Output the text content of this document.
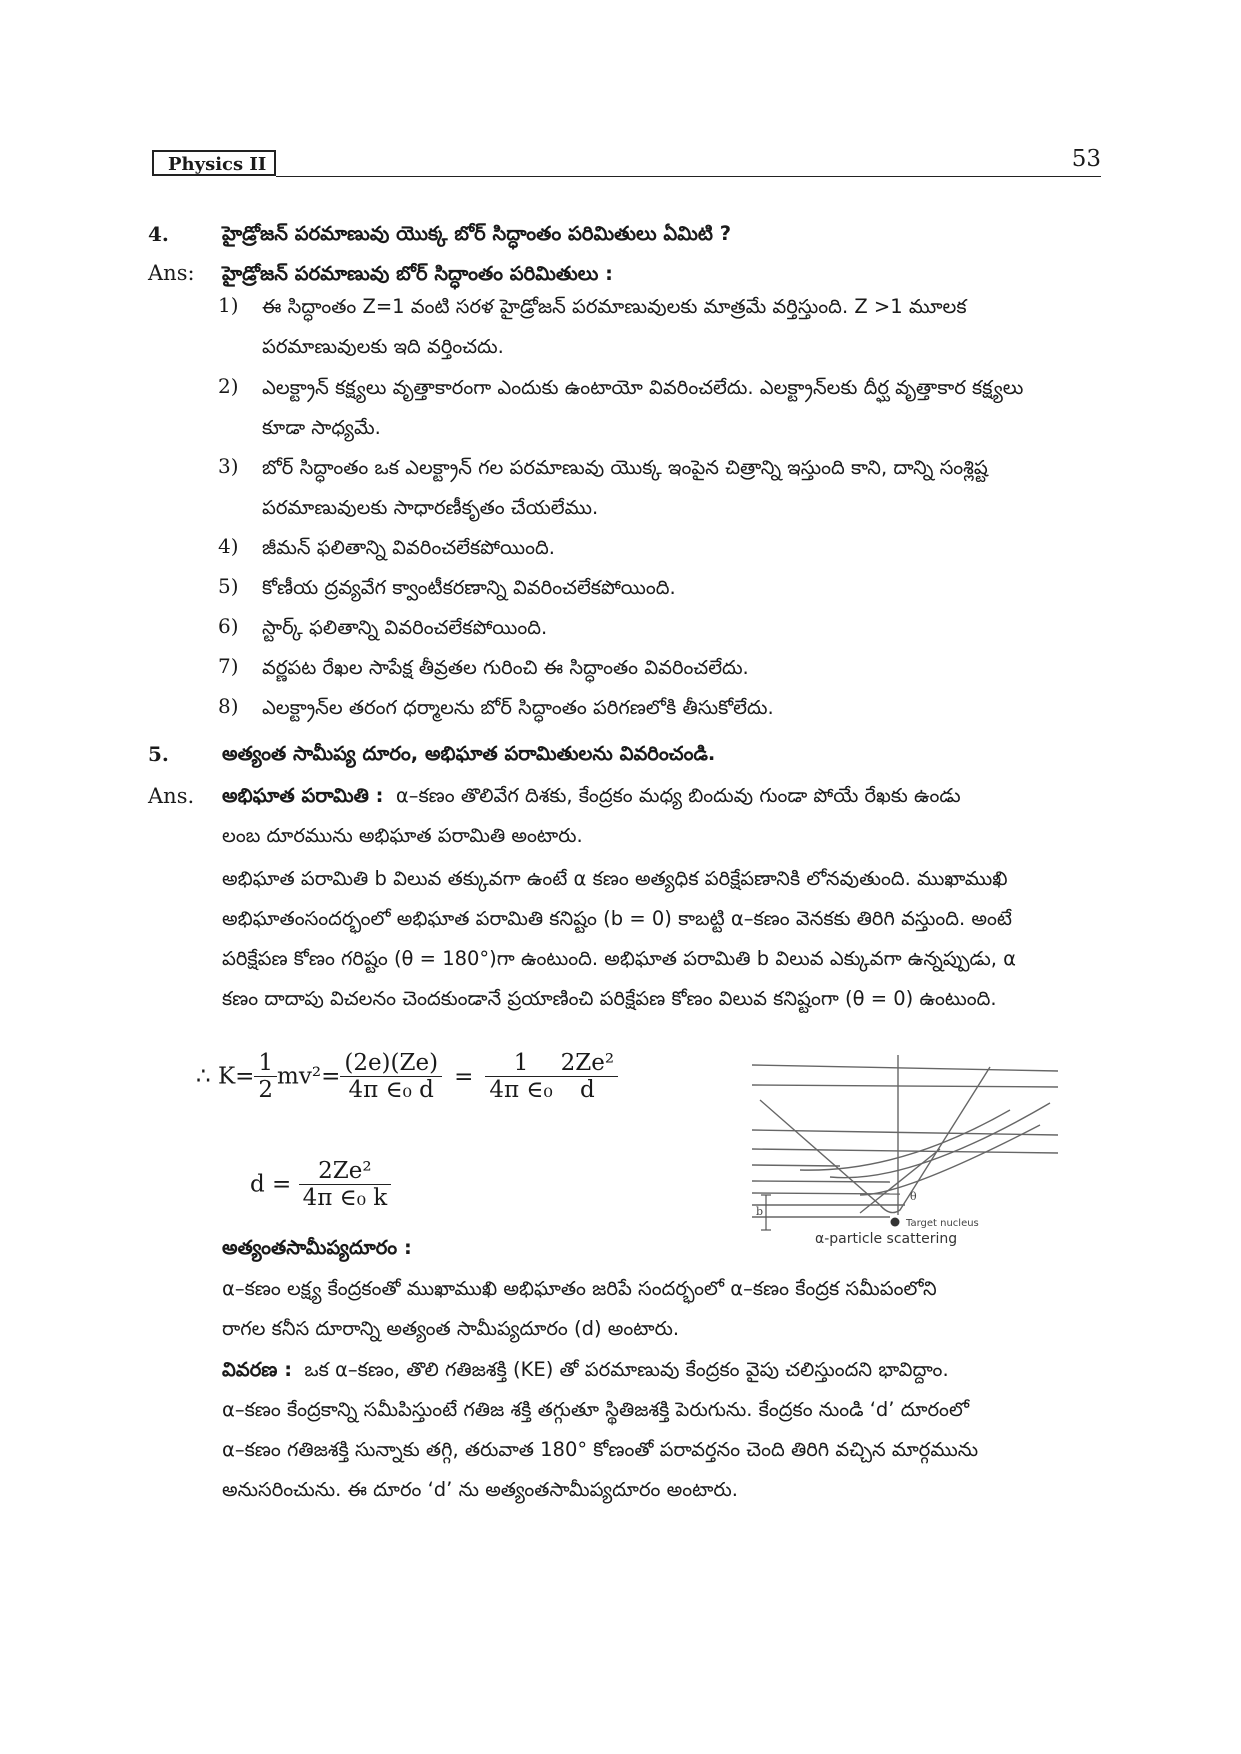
Physics II	53
4.	హైడ్రోజన్ పరమాణువు యొక్క బోర్ సిద్ధాంతం పరిమితులు ఏమిటి ?
Ans: హైడ్రోజన్ పరమాణువు బోర్ సిద్ధాంతం పరిమితులు :
1) ఈ సిద్ధాంతం Z=1 వంటి సరళ హైడ్రోజన్ పరమాణువులకు మాత్రమే వర్తిస్తుంది. Z >1 మూలక
పరమాణువులకు ఇది వర్తించదు.
2) ఎలక్ట్రాన్ కక్ష్యలు వృత్తాకారంగా ఎందుకు ఉంటాయో వివరించలేదు. ఎలక్ట్రాన్‌లకు దీర్ఘ వృత్తాకార కక్ష్యలు
కూడా సాధ్యమే.
3) బోర్ సిద్ధాంతం ఒక ఎలక్ట్రాన్ గల పరమాణువు యొక్క ఇంపైన చిత్రాన్ని ఇస్తుంది కాని, దాన్ని సంశ్లిష్ట
పరమాణువులకు సాధారణీకృతం చేయలేము.
4) జీమన్ ఫలితాన్ని వివరించలేకపోయింది.
5) కోణీయ ద్రవ్యవేగ క్వాంటీకరణాన్ని వివరించలేకపోయింది.
6) స్టార్క్ ఫలితాన్ని వివరించలేకపోయింది.
7) వర్ణపట రేఖల సాపేక్ష తీవ్రతల గురించి ఈ సిద్ధాంతం వివరించలేదు.
8) ఎలక్ట్రాన్‌ల తరంగ ధర్మాలను బోర్ సిద్ధాంతం పరిగణలోకి తీసుకోలేదు.
5.	అత్యంత సామీప్య దూరం, అభిఘాత పరామితులను వివరించండి.
Ans. అభిఘాత పరామితి : α–కణం తొలివేగ దిశకు, కేంద్రకం మధ్య బిందువు గుండా పోయే రేఖకు ఉండు
లంబ దూరమును అభిఘాత పరామితి అంటారు.
అభిఘాత పరామితి b విలువ తక్కువగా ఉంటే α కణం అత్యధిక పరిక్షేపణానికి లోనవుతుంది. ముఖాముఖి
అభిఘాతంసందర్భంలో అభిఘాత పరామితి కనిష్టం (b = 0) కాబట్టి α–కణం వెనకకు తిరిగి వస్తుంది. అంటే
పరిక్షేపణ కోణం గరిష్టం (θ = 180°)గా ఉంటుంది. అభిఘాత పరామితి b విలువ ఎక్కువగా ఉన్నప్పుడు, α
కణం దాదాపు విచలనం చెందకుండానే ప్రయాణించి పరిక్షేపణ కోణం విలువ కనిష్టంగా (θ = 0) ఉంటుంది.
∴ $K= \frac{1}{2} mv^2= \frac{(2e)(Ze)}{\text{4π ∈₀ d}} = \frac{1}{\text{4π ∈₀}} \frac{\text{2Ze²}}{d}$
$d = \frac{\text{2Ze²}}{\text{4π ∈₀ k}}$
b
θ
Target nucleus
α-particle scattering
అత్యంతసామీప్యదూరం :
α–కణం లక్ష్య కేంద్రకంతో ముఖాముఖి అభిఘాతం జరిపే సందర్భంలో α–కణం కేంద్రక సమీపంలోని
రాగల కనీస దూరాన్ని అత్యంత సామీప్యదూరం (d) అంటారు.
వివరణ : ఒక α–కణం, తొలి గతిజశక్తి (KE) తో పరమాణువు కేంద్రకం వైపు చలిస్తుందని భావిద్దాం.
α–కణం కేంద్రకాన్ని సమీపిస్తుంటే గతిజ శక్తి తగ్గుతూ స్థితిజశక్తి పెరుగును. కేంద్రకం నుండి ‘d’ దూరంలో
α–కణం గతిజశక్తి సున్నాకు తగ్గి, తరువాత 180° కోణంతో పరావర్తనం చెంది తిరిగి వచ్చిన మార్గమును
అనుసరించును. ఈ దూరం ‘d’ ను అత్యంతసామీప్యదూరం అంటారు.
